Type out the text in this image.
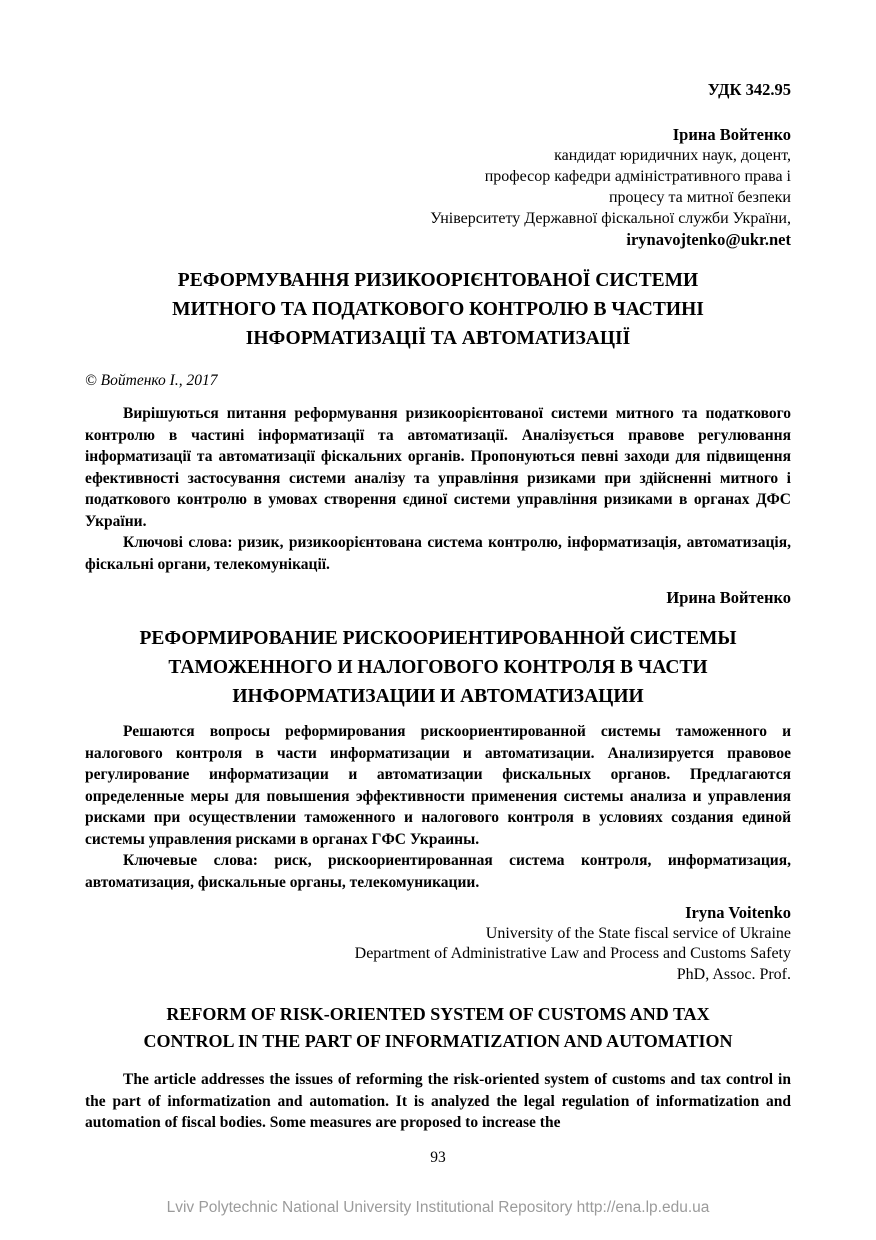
УДК 342.95
Ірина Войтенко
кандидат юридичних наук, доцент,
професор кафедри адміністративного права і
процесу та митної безпеки
Університету Державної фіскальної служби України,
irynavojtenko@ukr.net
РЕФОРМУВАННЯ РИЗИКООРІЄНТОВАНОЇ СИСТЕМИ
МИТНОГО ТА ПОДАТКОВОГО КОНТРОЛЮ В ЧАСТИНІ
ІНФОРМАТИЗАЦІЇ ТА АВТОМАТИЗАЦІЇ
© Войтенко І., 2017

Вирішуються питання реформування ризикоорієнтованої системи митного та податкового контролю в частині інформатизації та автоматизації. Аналізується правове регулювання інформатизації та автоматизації фіскальних органів. Пропонуються певні заходи для підвищення ефективності застосування системи аналізу та управління ризиками при здійсненні митного і податкового контролю в умовах створення єдиної системи управління ризиками в органах ДФС України.

Ключові слова: ризик, ризикоорієнтована система контролю, інформатизація, автоматизація, фіскальні органи, телекомунікації.

Ирина Войтенко
РЕФОРМИРОВАНИЕ РИСКООРИЕНТИРОВАННОЙ СИСТЕМЫ
ТАМОЖЕННОГО И НАЛОГОВОГО КОНТРОЛЯ В ЧАСТИ
ИНФОРМАТИЗАЦИИ И АВТОМАТИЗАЦИИ

Решаются вопросы реформирования рискоориентированной системы таможенного и налогового контроля в части информатизации и автоматизации. Анализируется правовое регулирование информатизации и автоматизации фискальных органов. Предлагаются определенные меры для повышения эффективности применения системы анализа и управления рисками при осуществлении таможенного и налогового контроля в условиях создания единой системы управления рисками в органах ГФС Украины.

Ключевые слова: риск, рискоориентированная система контроля, информатизация, автоматизация, фискальные органы, телекомуникации.

Iryna Voitenko
University of the State fiscal service of Ukraine
Department of Administrative Law and Process and Customs Safety
PhD, Assoc. Prof.
REFORM OF RISK-ORIENTED SYSTEM OF CUSTOMS AND TAX
CONTROL IN THE PART OF INFORMATIZATION AND AUTOMATION

The article addresses the issues of reforming the risk-oriented system of customs and tax control in the part of informatization and automation. It is analyzed the legal regulation of informatization and automation of fiscal bodies. Some measures are proposed to increase the

93
Lviv Polytechnic National University Institutional Repository http://ena.lp.edu.ua
